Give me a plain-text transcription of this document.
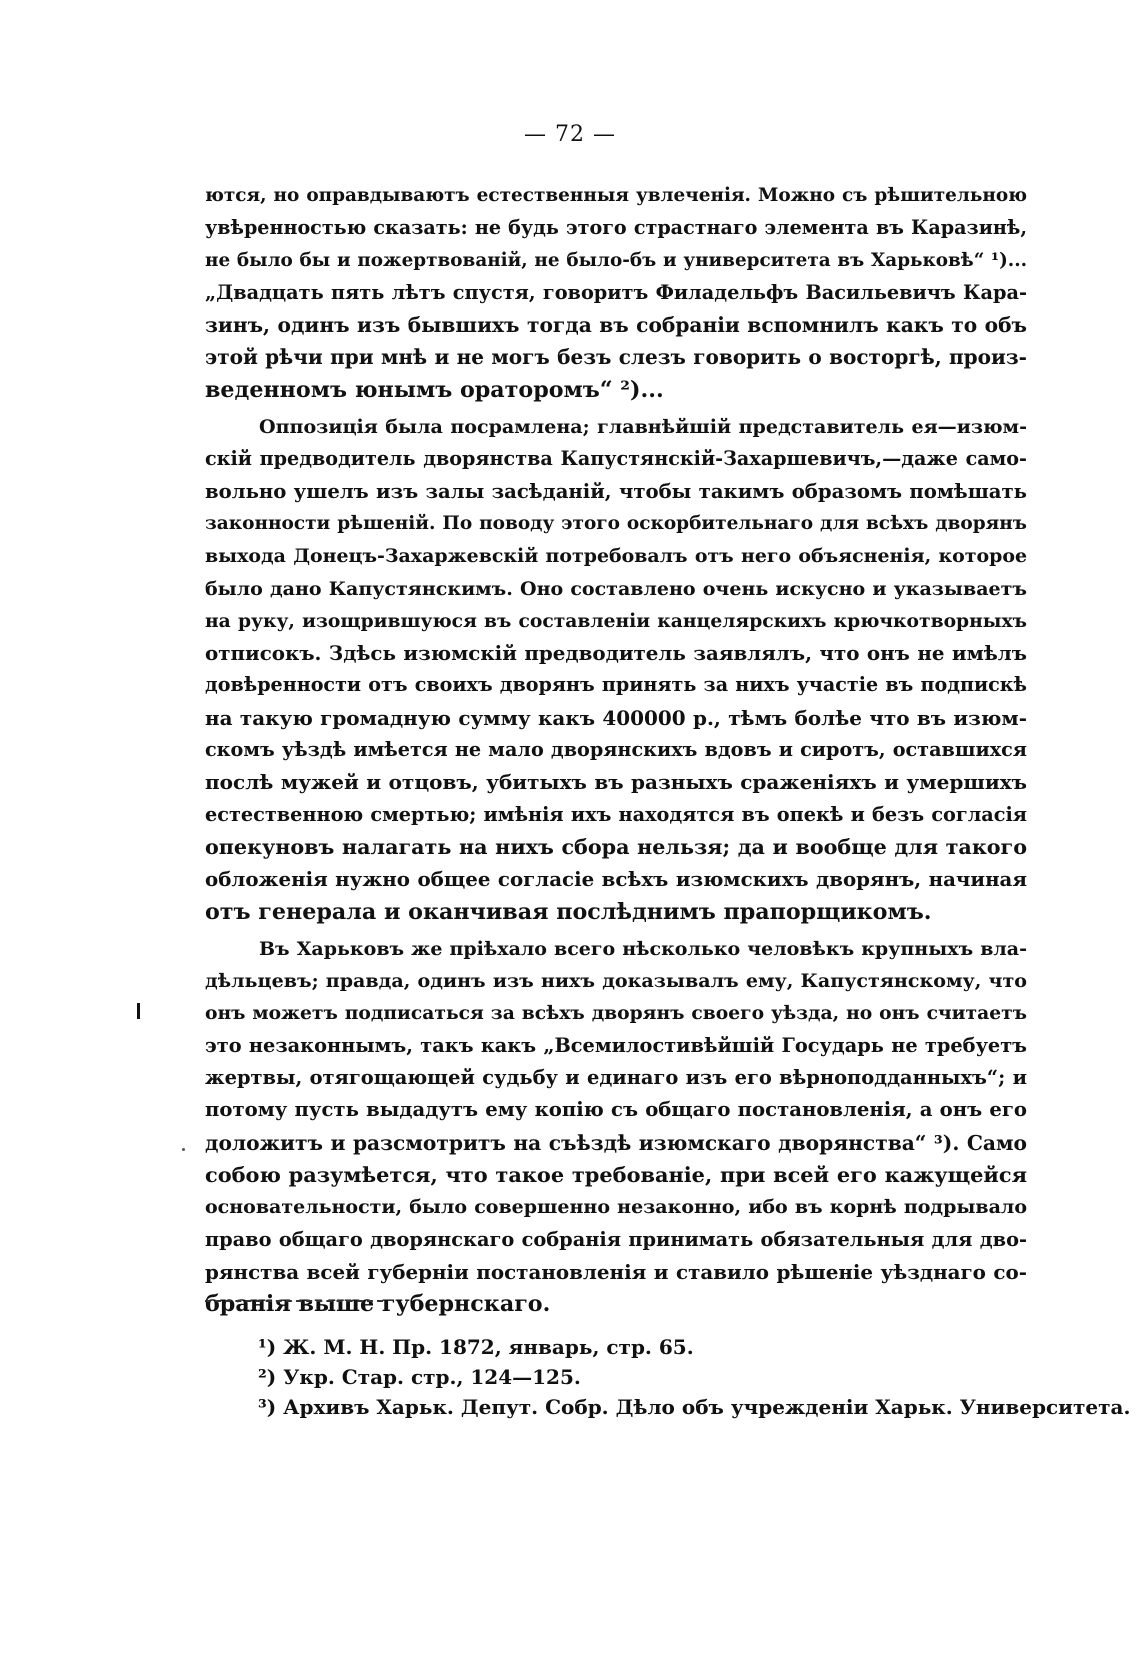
— 72 —
ются, но оправдываютъ естественныя увлеченія. Можно съ рѣшительною
увѣренностью сказать: не будь этого страстнаго элемента въ Каразинѣ,
не было бы и пожертвованій, не было-бъ и университета въ Харьковѣ“ ¹)...
„Двадцать пять лѣтъ спустя, говоритъ Филадельфъ Васильевичъ Кара-
зинъ, одинъ изъ бывшихъ тогда въ собраніи вспомнилъ какъ то объ
этой рѣчи при мнѣ и не могъ безъ слезъ говорить о восторгѣ, произ-
веденномъ юнымъ ораторомъ“ ²)...
Оппозиція была посрамлена; главнѣйшій представитель ея—изюм-
скій предводитель дворянства Капустянскій-Захаршевичъ,—даже само-
вольно ушелъ изъ залы засѣданій, чтобы такимъ образомъ помѣшать
законности рѣшеній. По поводу этого оскорбительнаго для всѣхъ дворянъ
выхода Донецъ-Захаржевскій потребовалъ отъ него объясненія, которое
было дано Капустянскимъ. Оно составлено очень искусно и указываетъ
на руку, изощрившуюся въ составленіи канцелярскихъ крючкотворныхъ
отписокъ. Здѣсь изюмскій предводитель заявлялъ, что онъ не имѣлъ
довѣренности отъ своихъ дворянъ принять за нихъ участіе въ подпискѣ
на такую громадную сумму какъ 400000 р., тѣмъ болѣе что въ изюм-
скомъ уѣздѣ имѣется не мало дворянскихъ вдовъ и сиротъ, оставшихся
послѣ мужей и отцовъ, убитыхъ въ разныхъ сраженіяхъ и умершихъ
естественною смертью; имѣнія ихъ находятся въ опекѣ и безъ согласія
опекуновъ налагать на нихъ сбора нельзя; да и вообще для такого
обложенія нужно общее согласіе всѣхъ изюмскихъ дворянъ, начиная
отъ генерала и оканчивая послѣднимъ прапорщикомъ.
Въ Харьковъ же пріѣхало всего нѣсколько человѣкъ крупныхъ вла-
дѣльцевъ; правда, одинъ изъ нихъ доказывалъ ему, Капустянскому, что
онъ можетъ подписаться за всѣхъ дворянъ своего уѣзда, но онъ считаетъ
это незаконнымъ, такъ какъ „Всемилостивѣйшій Государь не требуетъ
жертвы, отягощающей судьбу и единаго изъ его вѣрноподданныхъ“; и
потому пусть выдадутъ ему копію съ общаго постановленія, а онъ его
доложитъ и разсмотритъ на съѣздѣ изюмскаго дворянства“ ³). Само
собою разумѣется, что такое требованіе, при всей его кажущейся
основательности, было совершенно незаконно, ибо въ корнѣ подрывало
право общаго дворянскаго собранія принимать обязательныя для дво-
рянства всей губерніи постановленія и ставило рѣшеніе уѣзднаго со-
бранія выше губернскаго.
¹) Ж. М. Н. Пр. 1872, январь, стр. 65.
²) Укр. Стар. стр., 124—125.
³) Архивъ Харьк. Депут. Собр. Дѣло объ учрежденіи Харьк. Университета.
